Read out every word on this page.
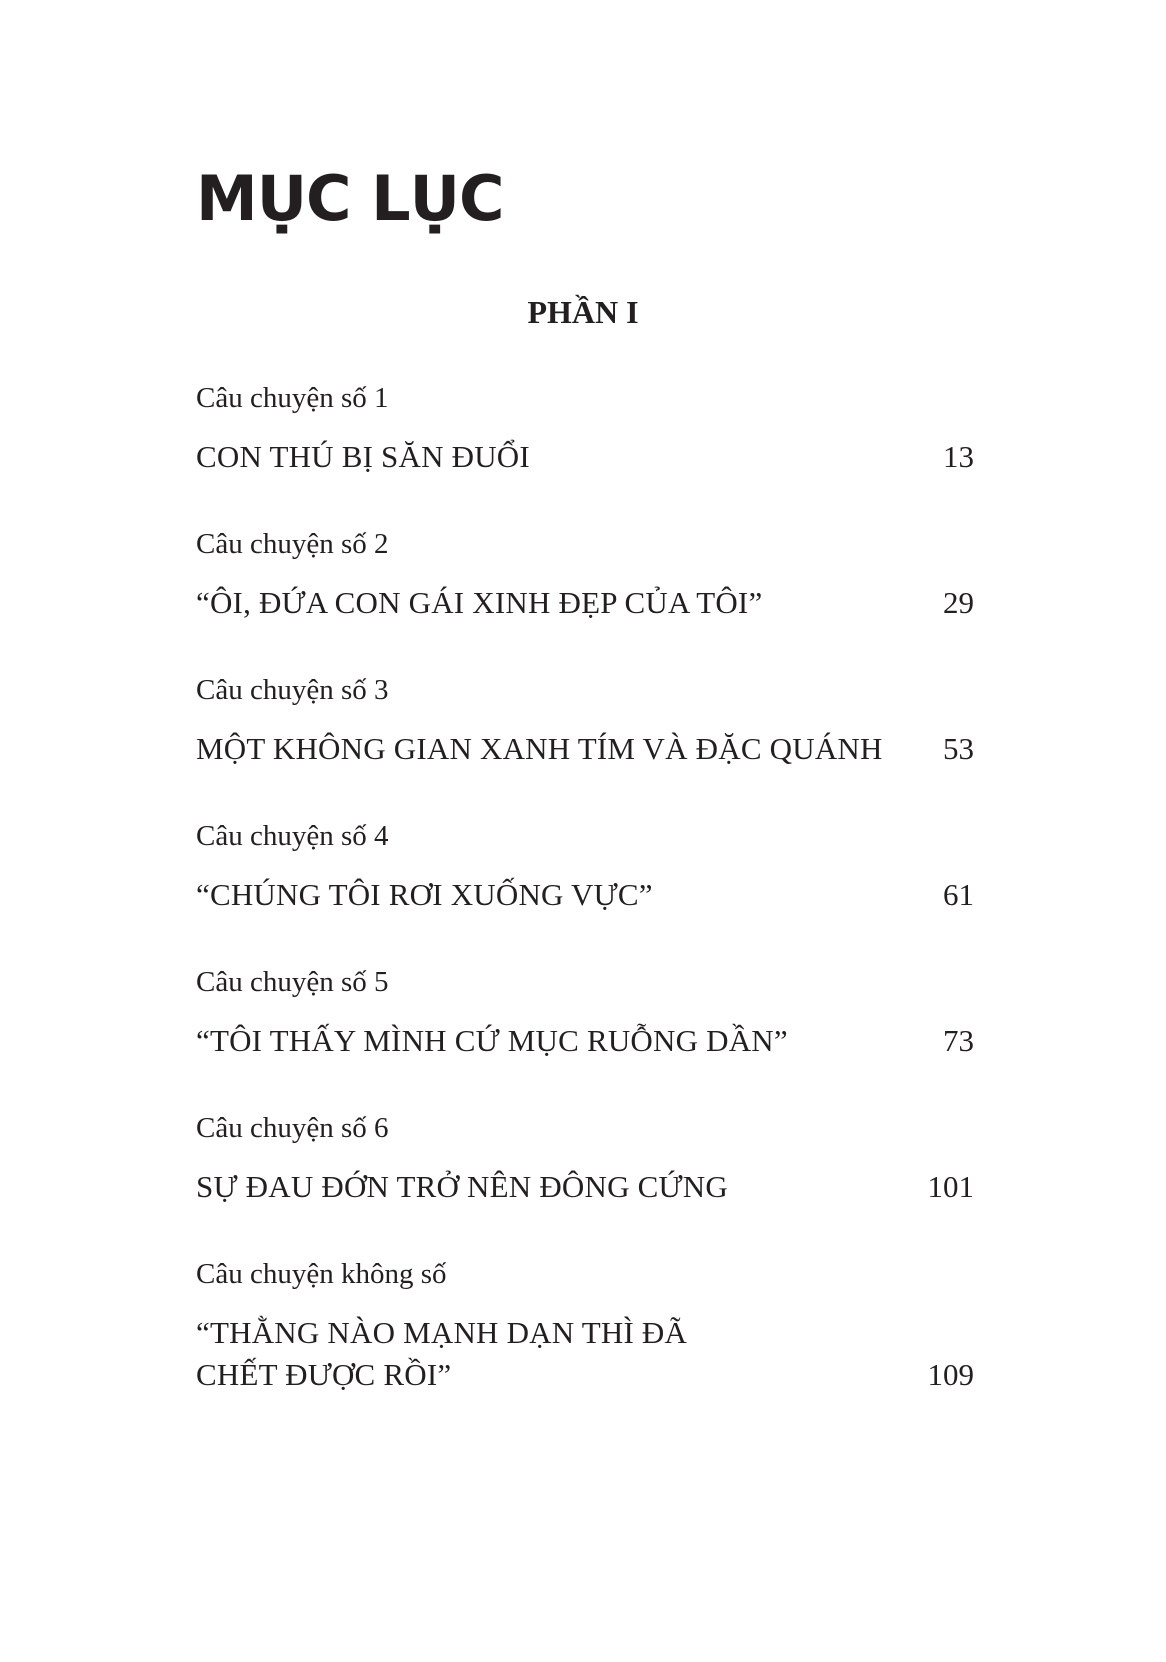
MỤC LỤC
PHẦN I
Câu chuyện số 1
CON THÚ BỊ SĂN ĐUỔI	13
Câu chuyện số 2
“ÔI, ĐỨA CON GÁI XINH ĐẸP CỦA TÔI”	29
Câu chuyện số 3
MỘT KHÔNG GIAN XANH TÍM VÀ ĐẶC QUÁNH	53
Câu chuyện số 4
“CHÚNG TÔI RƠI XUỐNG VỰC”	61
Câu chuyện số 5
“TÔI THẤY MÌNH CỨ MỤC RUỖNG DẦN”	73
Câu chuyện số 6
SỰ ĐAU ĐỚN TRỞ NÊN ĐÔNG CỨNG	101
Câu chuyện không số
“THẰNG NÀO MẠNH DẠN THÌ ĐÃ
CHẾT ĐƯỢC RỒI”	109
